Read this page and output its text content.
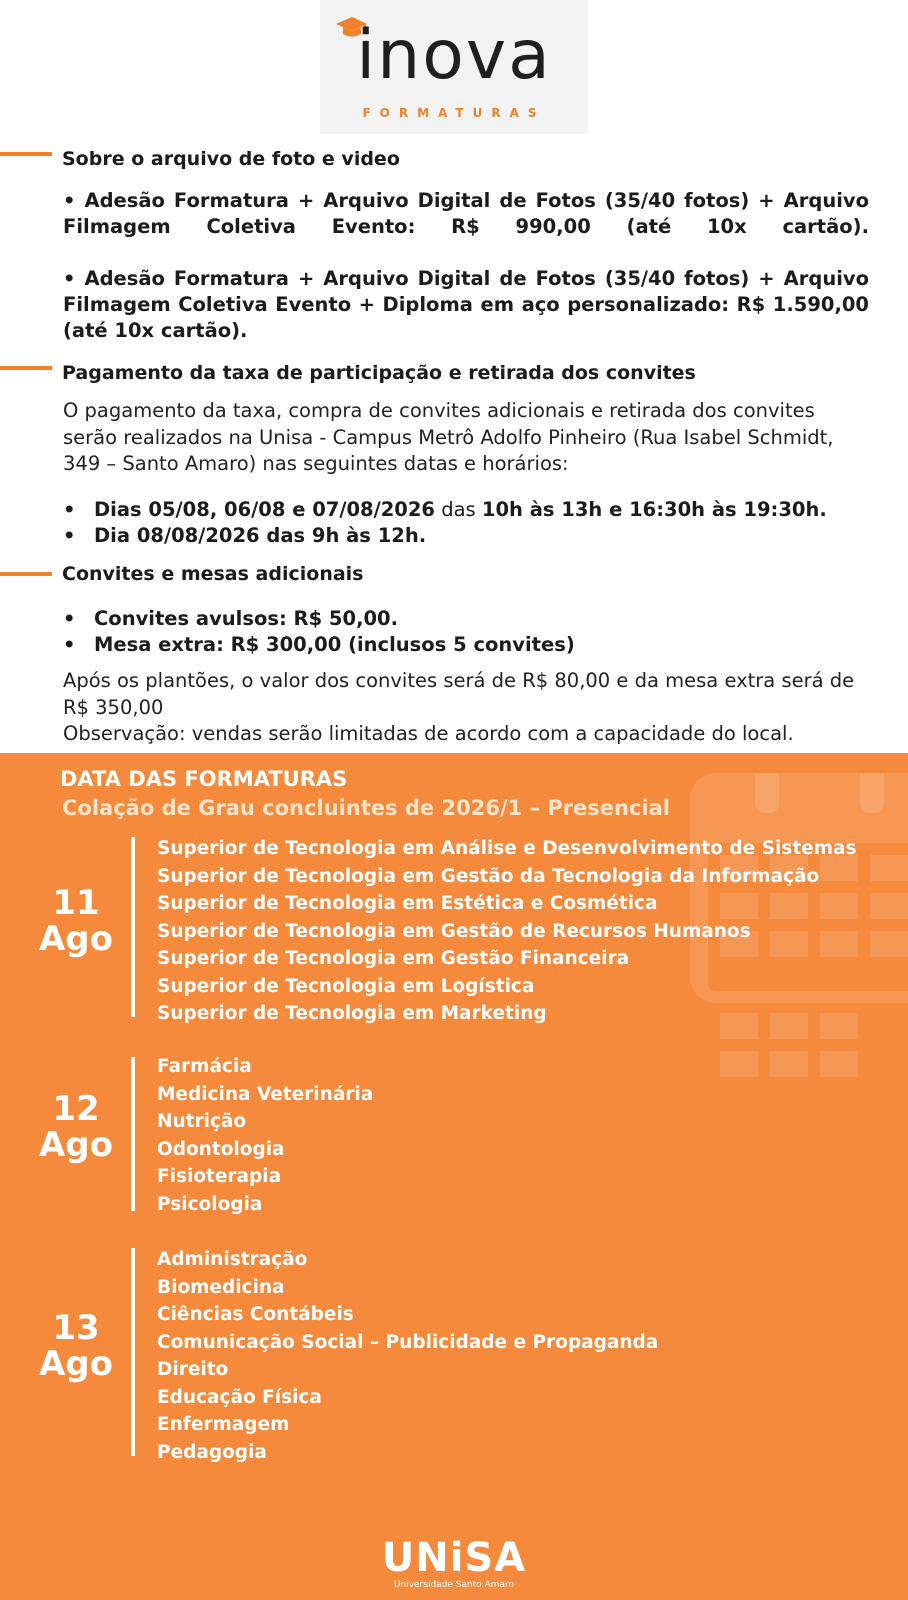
inova
FORMATURAS
Sobre o arquivo de foto e video
• Adesão Formatura + Arquivo Digital de Fotos (35/40 fotos) + Arquivo Filmagem Coletiva Evento: R$ 990,00 (até 10x cartão).
• Adesão Formatura + Arquivo Digital de Fotos (35/40 fotos) + Arquivo Filmagem Coletiva Evento + Diploma em aço personalizado: R$ 1.590,00 (até 10x cartão).
Pagamento da taxa de participação e retirada dos convites
O pagamento da taxa, compra de convites adicionais e retirada dos convites serão realizados na Unisa - Campus Metrô Adolfo Pinheiro (Rua Isabel Schmidt, 349 – Santo Amaro) nas seguintes datas e horários:
• Dias 05/08, 06/08 e 07/08/2026 das 10h às 13h e 16:30h às 19:30h.
• Dia 08/08/2026 das 9h às 12h.
Convites e mesas adicionais
• Convites avulsos: R$ 50,00.
• Mesa extra: R$ 300,00 (inclusos 5 convites)
Após os plantões, o valor dos convites será de R$ 80,00 e da mesa extra será de R$ 350,00
Observação: vendas serão limitadas de acordo com a capacidade do local.
DATA DAS FORMATURAS
Colação de Grau concluintes de 2026/1 – Presencial
11
Ago
Superior de Tecnologia em Análise e Desenvolvimento de Sistemas
Superior de Tecnologia em Gestão da Tecnologia da Informação
Superior de Tecnologia em Estética e Cosmética
Superior de Tecnologia em Gestão de Recursos Humanos
Superior de Tecnologia em Gestão Financeira
Superior de Tecnologia em Logística
Superior de Tecnologia em Marketing
12
Ago
Farmácia
Medicina Veterinária
Nutrição
Odontologia
Fisioterapia
Psicologia
13
Ago
Administração
Biomedicina
Ciências Contábeis
Comunicação Social – Publicidade e Propaganda
Direito
Educação Física
Enfermagem
Pedagogia
UNiSA
Universidade Santo Amaro
